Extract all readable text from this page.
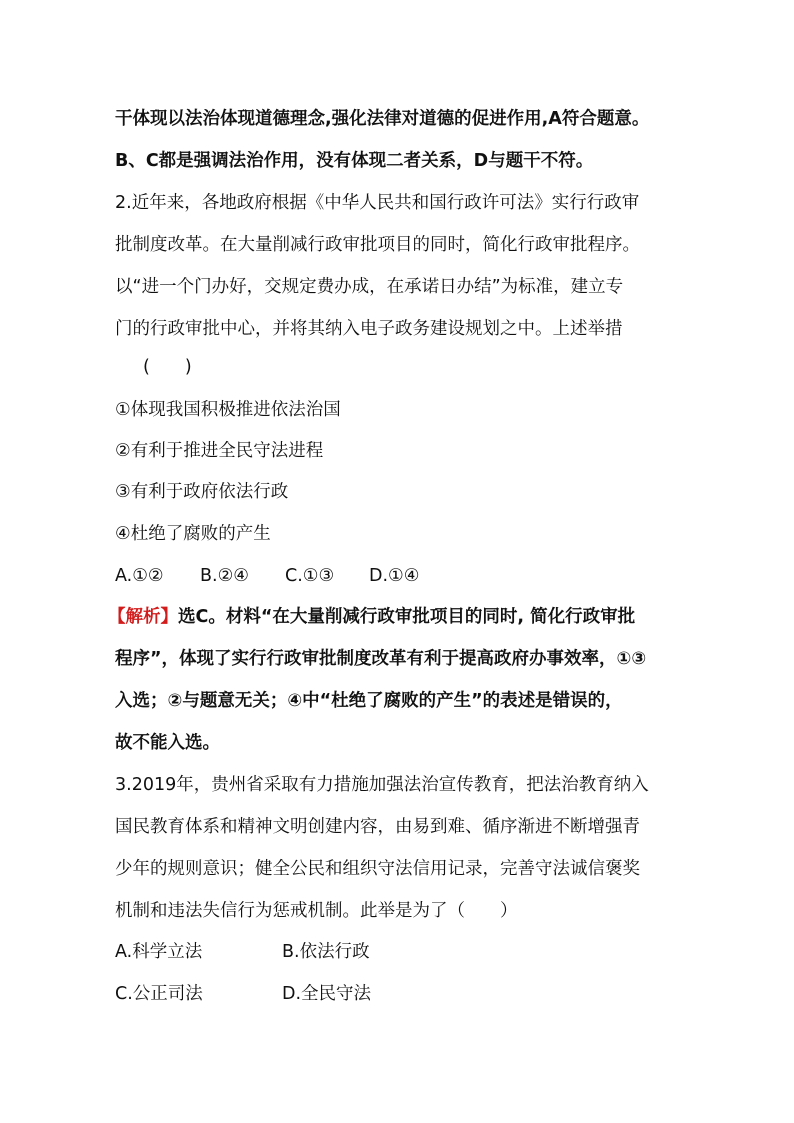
干体现以法治体现道德理念,强化法律对道德的促进作用,A符合题意。
B、C都是强调法治作用，没有体现二者关系，D与题干不符。
2.近年来，各地政府根据《中华人民共和国行政许可法》实行行政审
批制度改革。在大量削减行政审批项目的同时，简化行政审批程序。
以“进一个门办好，交规定费办成，在承诺日办结”为标准，建立专
门的行政审批中心，并将其纳入电子政务建设规划之中。上述举措
(　　)
①体现我国积极推进依法治国
②有利于推进全民守法进程
③有利于政府依法行政
④杜绝了腐败的产生
A.①② B.②④ C.①③ D.①④
【解析】选C。材料“在大量削减行政审批项目的同时, 简化行政审批
程序”，体现了实行行政审批制度改革有利于提高政府办事效率，①③
入选；②与题意无关；④中“杜绝了腐败的产生”的表述是错误的，
故不能入选。
3.2019年，贵州省采取有力措施加强法治宣传教育，把法治教育纳入
国民教育体系和精神文明创建内容，由易到难、循序渐进不断增强青
少年的规则意识；健全公民和组织守法信用记录，完善守法诚信褒奖
机制和违法失信行为惩戒机制。此举是为了（　　）
A.科学立法	B.依法行政
C.公正司法	D.全民守法
